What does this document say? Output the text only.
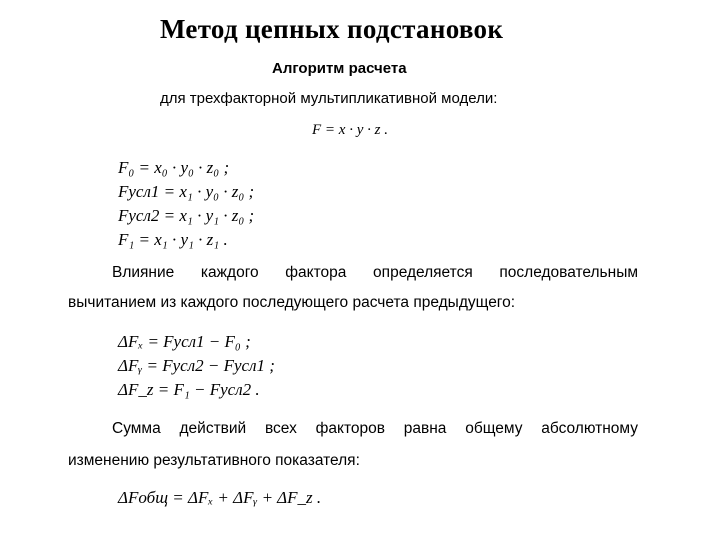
Метод цепных подстановок
Алгоритм расчета
для трехфакторной мультипликативной модели:
F = x · y · z .
F₀ = x₀ · y₀ · z₀ ;
Fусл1 = x₁ · y₀ · z₀ ;
Fусл2 = x₁ · y₁ · z₀ ;
F₁ = x₁ · y₁ · z₁ .
Влияние каждого фактора определяется последовательным
вычитанием из каждого последующего расчета предыдущего:
ΔFₓ = Fусл1 − F₀ ;
ΔFᵧ = Fусл2 − Fусл1 ;
ΔF_z = F₁ − Fусл2 .
Сумма действий всех факторов равна общему абсолютному
изменению результативного показателя:
ΔFобщ = ΔFₓ + ΔFᵧ + ΔF_z .
